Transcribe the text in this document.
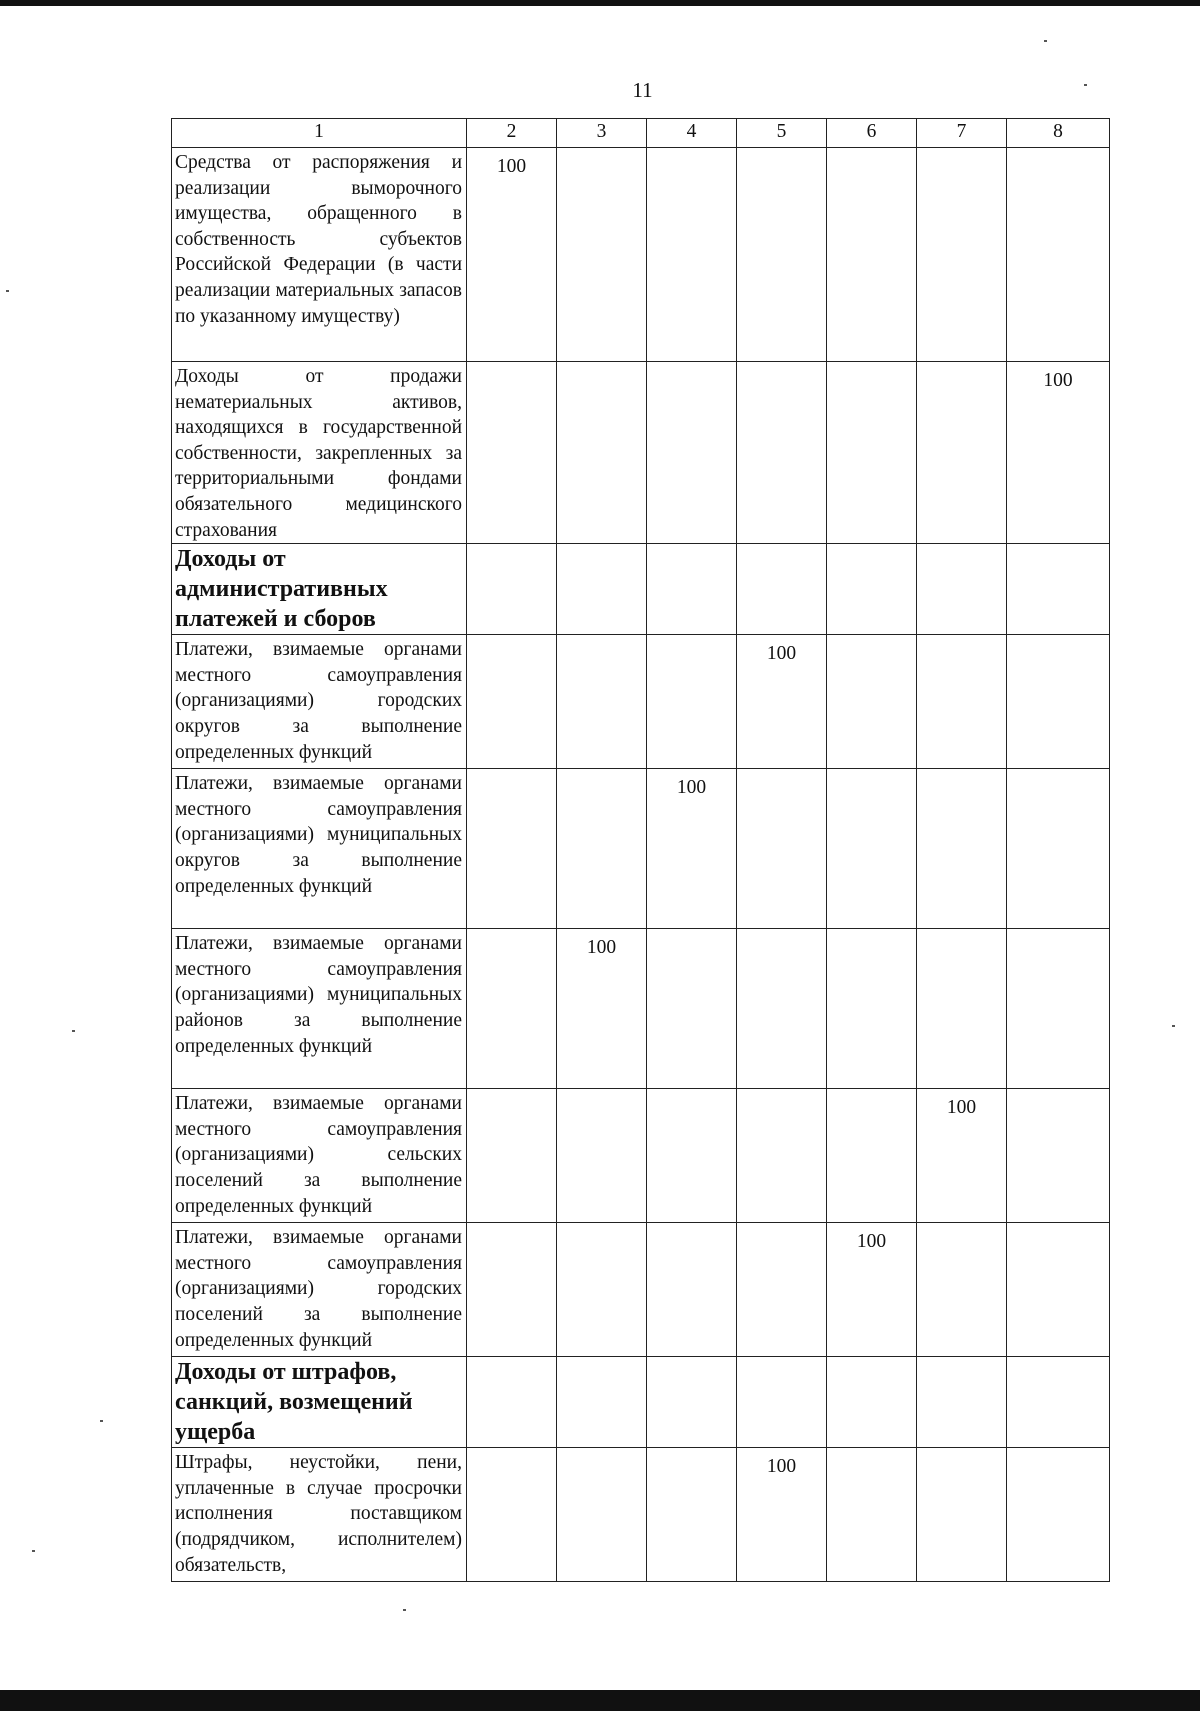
11
1	2	3	4	5	6	7	8
Средства от распоряжения и реализации выморочного имущества, обращенного в собственность субъектов Российской Федерации (в части реализации материальных запасов по указанному имуществу)	100						
Доходы от продажи нематериальных активов, находящихся в государственной собственности, закрепленных за территориальными фондами обязательного медицинского страхования							100
Доходы от административных платежей и сборов							
Платежи, взимаемые органами местного самоуправления (организациями) городских округов за выполнение определенных функций				100			
Платежи, взимаемые органами местного самоуправления (организациями) муниципальных округов за выполнение определенных функций			100				
Платежи, взимаемые органами местного самоуправления (организациями) муниципальных районов за выполнение определенных функций		100					
Платежи, взимаемые органами местного самоуправления (организациями) сельских поселений за выполнение определенных функций						100	
Платежи, взимаемые органами местного самоуправления (организациями) городских поселений за выполнение определенных функций					100		
Доходы от штрафов, санкций, возмещений ущерба							
Штрафы, неустойки, пени, уплаченные в случае просрочки исполнения поставщиком (подрядчиком, исполнителем) обязательств,				100			
